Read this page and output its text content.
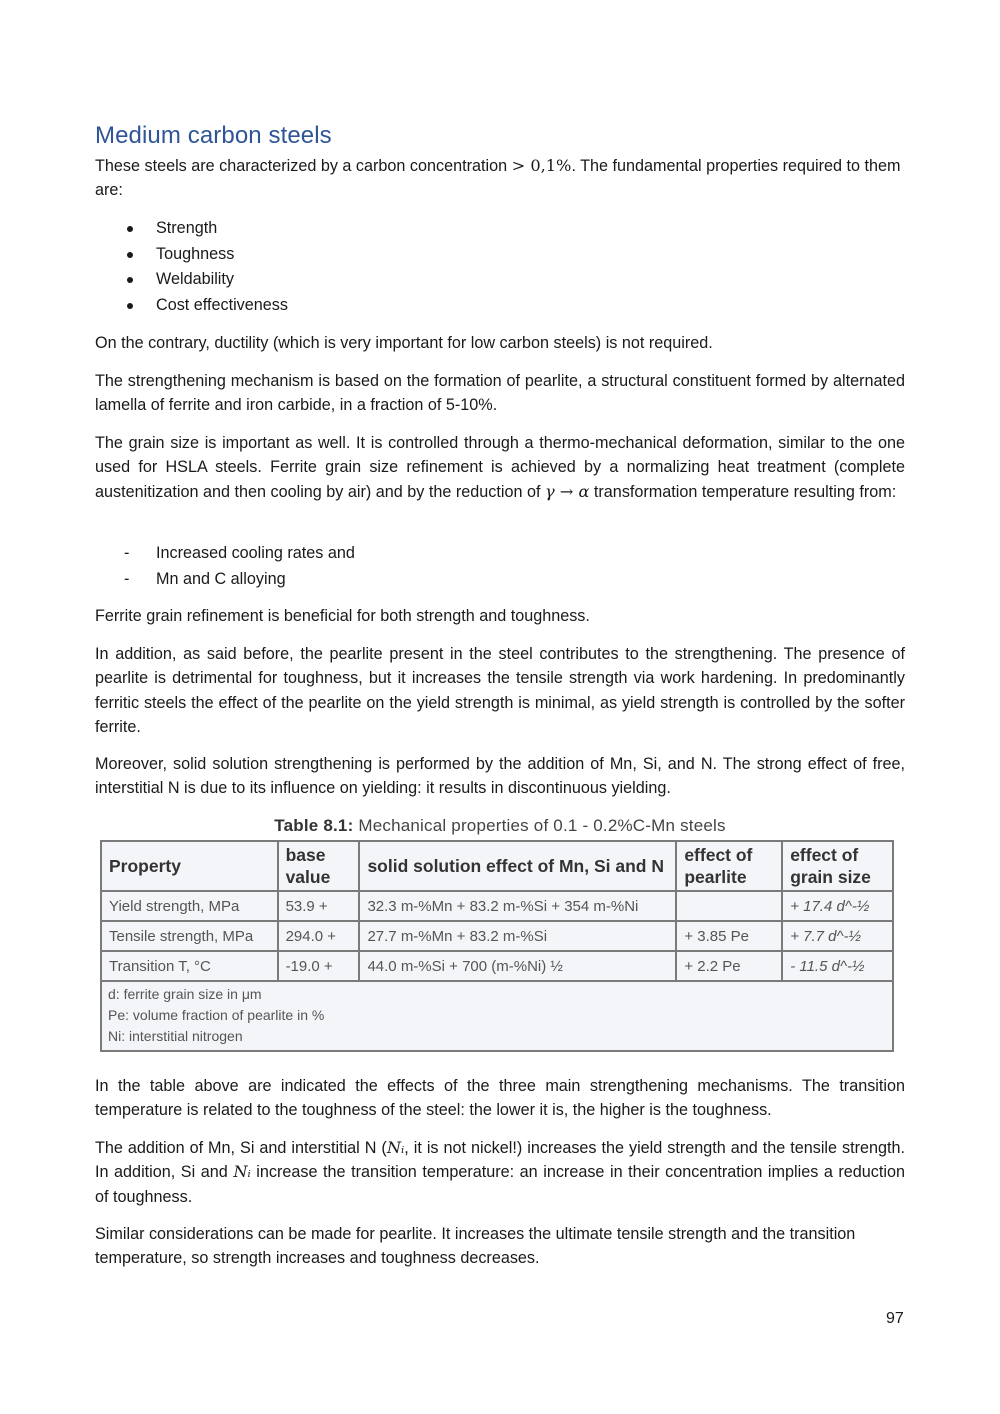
Medium carbon steels

These steels are characterized by a carbon concentration > 0,1%. The fundamental properties required to them are:

Strength
Toughness
Weldability
Cost effectiveness

On the contrary, ductility (which is very important for low carbon steels) is not required.

The strengthening mechanism is based on the formation of pearlite, a structural constituent formed by alternated lamella of ferrite and iron carbide, in a fraction of 5-10%.

The grain size is important as well. It is controlled through a thermo-mechanical deformation, similar to the one used for HSLA steels. Ferrite grain size refinement is achieved by a normalizing heat treatment (complete austenitization and then cooling by air) and by the reduction of γ → α transformation temperature resulting from:

- Increased cooling rates and
- Mn and C alloying

Ferrite grain refinement is beneficial for both strength and toughness.

In addition, as said before, the pearlite present in the steel contributes to the strengthening. The presence of pearlite is detrimental for toughness, but it increases the tensile strength via work hardening. In predominantly ferritic steels the effect of the pearlite on the yield strength is minimal, as yield strength is controlled by the softer ferrite.

Moreover, solid solution strengthening is performed by the addition of Mn, Si, and N. The strong effect of free, interstitial N is due to its influence on yielding: it results in discontinuous yielding.

Table 8.1: Mechanical properties of 0.1 - 0.2%C-Mn steels

Property	base value	solid solution effect of Mn, Si and N	effect of pearlite	effect of grain size
Yield strength, MPa	53.9 +	32.3 m-%Mn + 83.2 m-%Si + 354 m-%Ni		+ 17.4 d^-½
Tensile strength, MPa	294.0 +	27.7 m-%Mn + 83.2 m-%Si	+ 3.85 Pe	+ 7.7 d^-½
Transition T, °C	-19.0 +	44.0 m-%Si + 700 (m-%Ni) ½	+ 2.2 Pe	- 11.5 d^-½

d: ferrite grain size in μm
Pe: volume fraction of pearlite in %
Ni: interstitial nitrogen				

In the table above are indicated the effects of the three main strengthening mechanisms. The transition temperature is related to the toughness of the steel: the lower it is, the higher is the toughness.

The addition of Mn, Si and interstitial N (Nᵢ, it is not nickel!) increases the yield strength and the tensile strength. In addition, Si and Nᵢ increase the transition temperature: an increase in their concentration implies a reduction of toughness.

Similar considerations can be made for pearlite. It increases the ultimate tensile strength and the transition temperature, so strength increases and toughness decreases.

97
